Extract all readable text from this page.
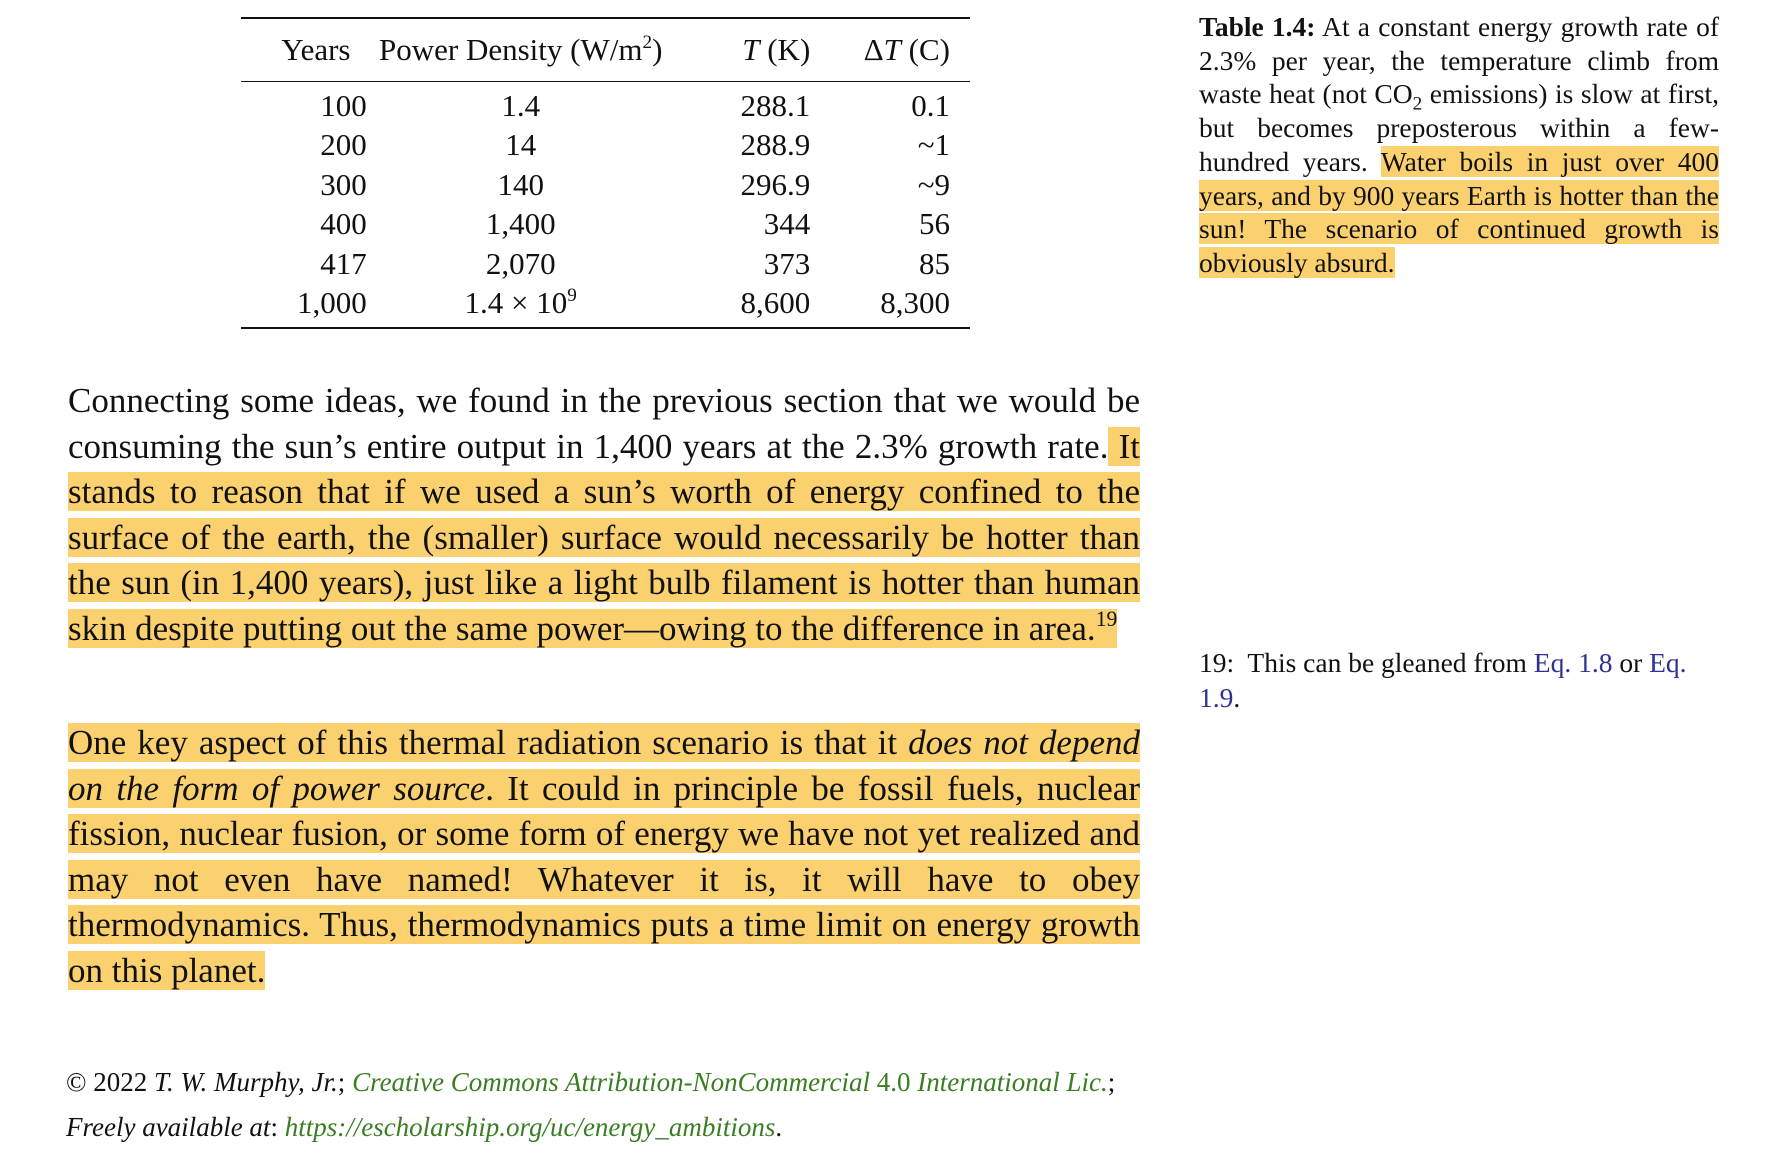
Years	Power Density $(W/m^2)$	T (K)	ΔT (C)
100	1.4	288.1	0.1
200	14	288.9	~1
300	140	296.9	~9
400	1,400	344	56
417	2,070	373	85
1,000	$1.4 \times 10^9$	8,600	8,300
Table 1.4: At a constant energy growth rate of 2.3% per year, the temperature climb from waste heat (not $CO_2$ emissions) is slow at first, but becomes preposterous within a few-hundred years. Water boils in just over 400 years, and by 900 years Earth is hotter than the sun! The scenario of continued growth is obviously absurd.

Connecting some ideas, we found in the previous section that we would be consuming the sun’s entire output in 1,400 years at the 2.3% growth rate. It stands to reason that if we used a sun’s worth of energy confined to the surface of the earth, the (smaller) surface would necessarily be hotter than the sun (in 1,400 years), just like a light bulb filament is hotter than human skin despite putting out the same power—owing to the difference in area.$^{19}$

One key aspect of this thermal radiation scenario is that it does not depend on the form of power source. It could in principle be fossil fuels, nuclear fission, nuclear fusion, or some form of energy we have not yet realized and may not even have named! Whatever it is, it will have to obey thermodynamics. Thus, thermodynamics puts a time limit on energy growth on this planet.

19: This can be gleaned from Eq. 1.8 or Eq. 1.9.
© 2022 T. W. Murphy, Jr.; Creative Commons Attribution-NonCommercial 4.0 International Lic.;
Freely available at: https://escholarship.org/uc/energy_ambitions.
